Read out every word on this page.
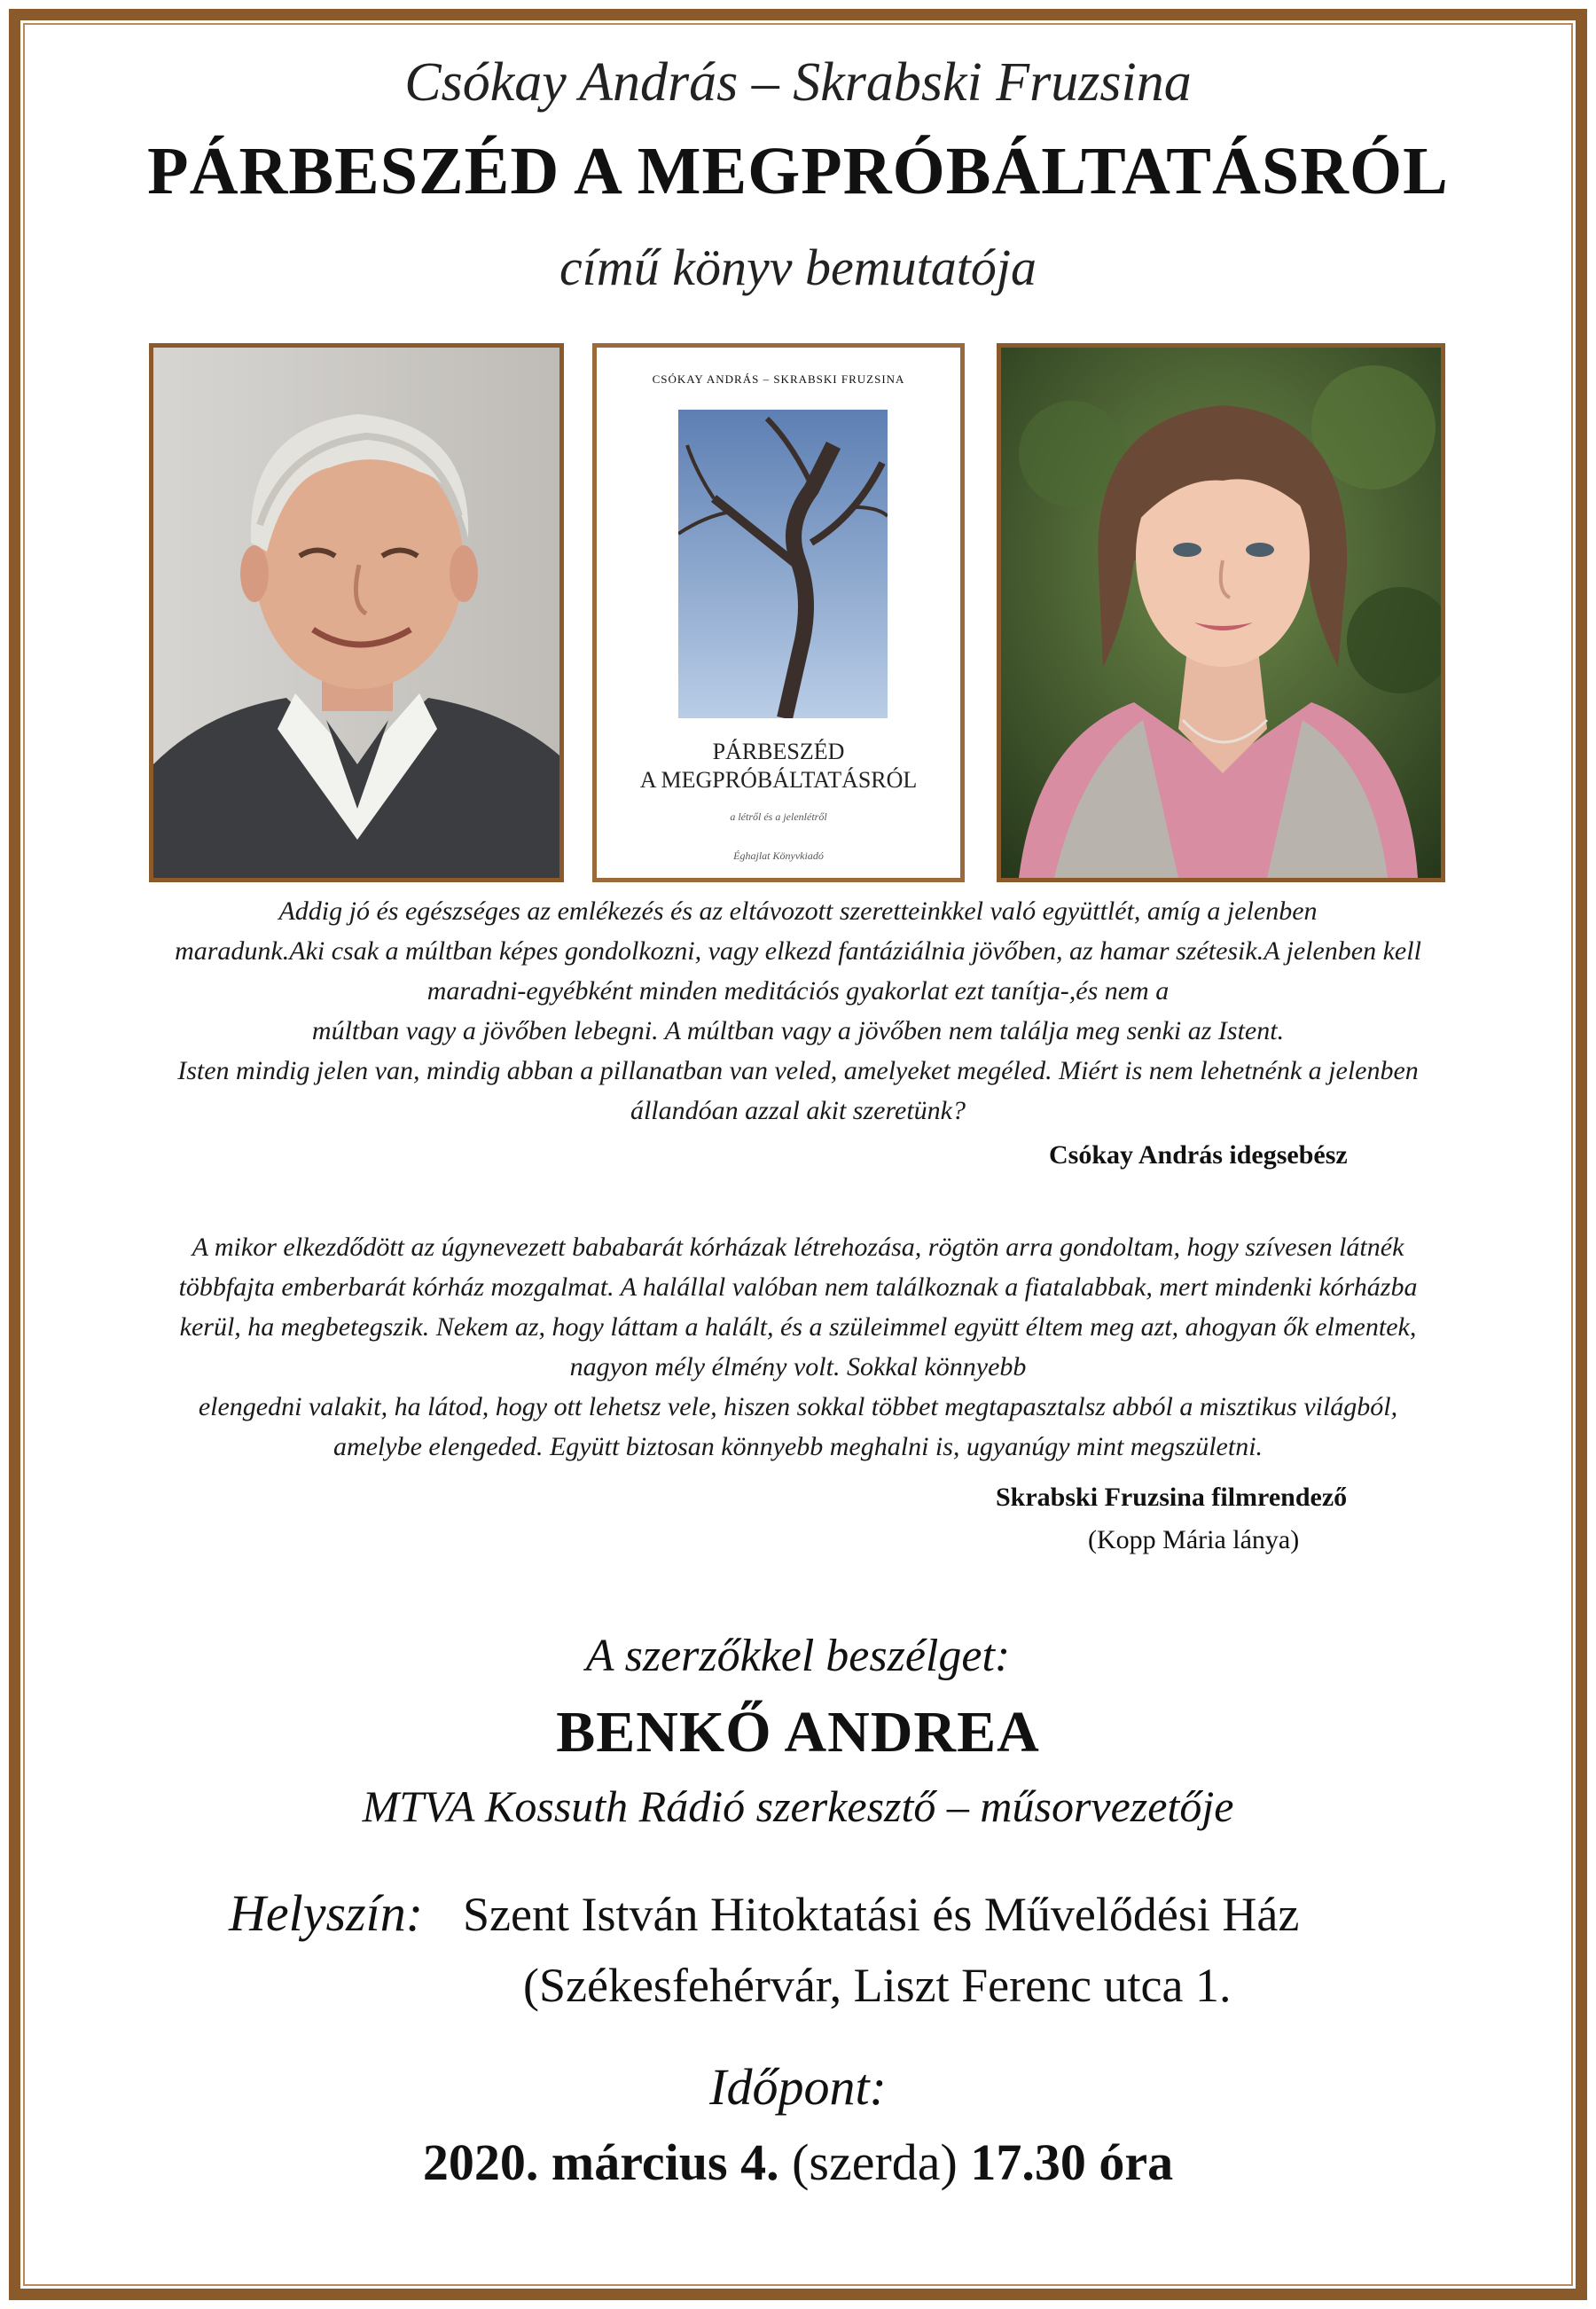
Csókay András – Skrabski Fruzsina
PÁRBESZÉD A MEGPRÓBÁLTATÁSRÓL
című könyv bemutatója
CSÓKAY ANDRÁS – SKRABSKI FRUZSINA
PÁRBESZÉD
A MEGPRÓBÁLTATÁSRÓL
a létről és a jelenlétről
Éghajlat Könyvkiadó
Addig jó és egészséges az emlékezés és az eltávozott szeretteinkkel való együttlét, amíg a jelenben
maradunk.Aki csak a múltban képes gondolkozni, vagy elkezd fantáziálnia jövőben, az hamar szétesik.A jelenben kell
maradni-egyébként minden meditációs gyakorlat ezt tanítja-,és nem a
múltban vagy a jövőben lebegni. A múltban vagy a jövőben nem találja meg senki az Istent.
Isten mindig jelen van, mindig abban a pillanatban van veled, amelyeket megéled. Miért is nem lehetnénk a jelenben
állandóan azzal akit szeretünk?
Csókay András idegsebész
A mikor elkezdődött az úgynevezett bababarát kórházak létrehozása, rögtön arra gondoltam, hogy szívesen látnék
többfajta emberbarát kórház mozgalmat. A halállal valóban nem találkoznak a fiatalabbak, mert mindenki kórházba
kerül, ha megbetegszik. Nekem az, hogy láttam a halált, és a szüleimmel együtt éltem meg azt, ahogyan ők elmentek,
nagyon mély élmény volt. Sokkal könnyebb
elengedni valakit, ha látod, hogy ott lehetsz vele, hiszen sokkal többet megtapasztalsz abból a misztikus világból,
amelybe elengeded. Együtt biztosan könnyebb meghalni is, ugyanúgy mint megszületni.
Skrabski Fruzsina filmrendező
(Kopp Mária lánya)
A szerzőkkel beszélget:
BENKŐ ANDREA
MTVA Kossuth Rádió szerkesztő – műsorvezetője
Helyszín: Szent István Hitoktatási és Művelődési Ház
(Székesfehérvár, Liszt Ferenc utca 1.
Időpont:
2020. március 4. (szerda) 17.30 óra
